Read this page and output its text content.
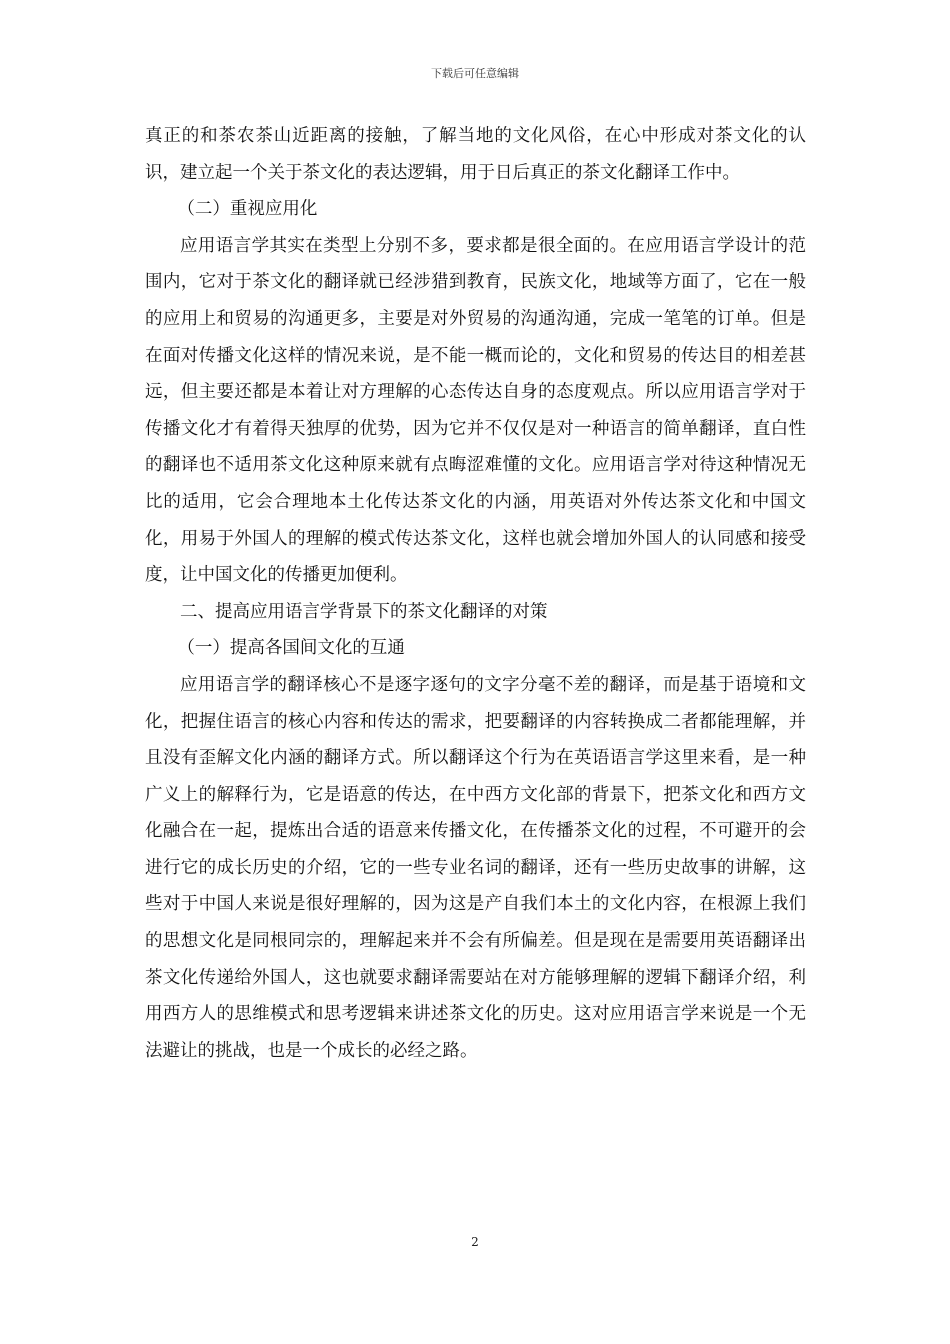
下载后可任意编辑

真正的和茶农茶山近距离的接触，了解当地的文化风俗，在心中形成对茶文化的认识，建立起一个关于茶文化的表达逻辑，用于日后真正的茶文化翻译工作中。

（二）重视应用化

应用语言学其实在类型上分别不多，要求都是很全面的。在应用语言学设计的范围内，它对于茶文化的翻译就已经涉猎到教育，民族文化，地域等方面了，它在一般的应用上和贸易的沟通更多，主要是对外贸易的沟通沟通，完成一笔笔的订单。但是在面对传播文化这样的情况来说，是不能一概而论的，文化和贸易的传达目的相差甚远，但主要还都是本着让对方理解的心态传达自身的态度观点。所以应用语言学对于传播文化才有着得天独厚的优势，因为它并不仅仅是对一种语言的简单翻译，直白性的翻译也不适用茶文化这种原来就有点晦涩难懂的文化。应用语言学对待这种情况无比的适用，它会合理地本土化传达茶文化的内涵，用英语对外传达茶文化和中国文化，用易于外国人的理解的模式传达茶文化，这样也就会增加外国人的认同感和接受度，让中国文化的传播更加便利。

二、提高应用语言学背景下的茶文化翻译的对策

（一）提高各国间文化的互通

应用语言学的翻译核心不是逐字逐句的文字分毫不差的翻译，而是基于语境和文化，把握住语言的核心内容和传达的需求，把要翻译的内容转换成二者都能理解，并且没有歪解文化内涵的翻译方式。所以翻译这个行为在英语语言学这里来看，是一种广义上的解释行为，它是语意的传达，在中西方文化部的背景下，把茶文化和西方文化融合在一起，提炼出合适的语意来传播文化，在传播茶文化的过程，不可避开的会进行它的成长历史的介绍，它的一些专业名词的翻译，还有一些历史故事的讲解，这些对于中国人来说是很好理解的，因为这是产自我们本土的文化内容，在根源上我们的思想文化是同根同宗的，理解起来并不会有所偏差。但是现在是需要用英语翻译出茶文化传递给外国人，这也就要求翻译需要站在对方能够理解的逻辑下翻译介绍，利用西方人的思维模式和思考逻辑来讲述茶文化的历史。这对应用语言学来说是一个无法避让的挑战，也是一个成长的必经之路。

2
